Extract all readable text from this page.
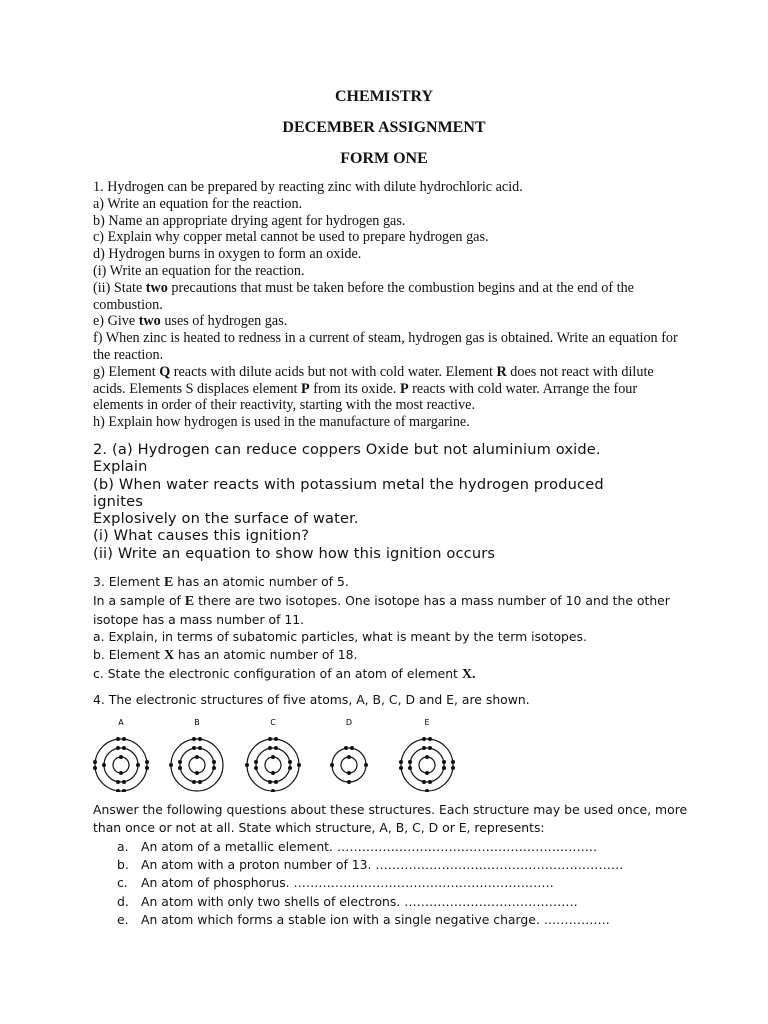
CHEMISTRY
DECEMBER ASSIGNMENT
FORM ONE

1. Hydrogen can be prepared by reacting zinc with dilute hydrochloric acid.

a) Write an equation for the reaction.

b) Name an appropriate drying agent for hydrogen gas.

c) Explain why copper metal cannot be used to prepare hydrogen gas.

d) Hydrogen burns in oxygen to form an oxide.

(i) Write an equation for the reaction.

(ii) State two precautions that must be taken before the combustion begins and at the end of the combustion.

e) Give two uses of hydrogen gas.

f) When zinc is heated to redness in a current of steam, hydrogen gas is obtained. Write an equation for the reaction.

g) Element Q reacts with dilute acids but not with cold water. Element R does not react with dilute acids. Elements S displaces element P from its oxide. P reacts with cold water. Arrange the four elements in order of their reactivity, starting with the most reactive.

h) Explain how hydrogen is used in the manufacture of margarine.

2. (a) Hydrogen can reduce coppers Oxide but not aluminium oxide.

Explain

(b) When water reacts with potassium metal the hydrogen produced

ignites

Explosively on the surface of water.

(i) What causes this ignition?

(ii) Write an equation to show how this ignition occurs

3. Element E has an atomic number of 5.

In a sample of E there are two isotopes. One isotope has a mass number of 10 and the other isotope has a mass number of 11.

a. Explain, in terms of subatomic particles, what is meant by the term isotopes.

b. Element X has an atomic number of 18.

c. State the electronic configuration of an atom of element X.

4. The electronic structures of five atoms, A, B, C, D and E, are shown.
A	B	C	D	E

Answer the following questions about these structures. Each structure may be used once, more than once or not at all. State which structure, A, B, C, D or E, represents:

a.	An atom of a metallic element.
………………………………………………………
b. An atom with a proton number of 13.
……………………………………………………
c.	An atom of phosphorus.
………………………………………………………
d. An atom with only two shells of electrons.
……………………………………
e.	An atom which forms a stable ion with a single negative charge.
…………….
